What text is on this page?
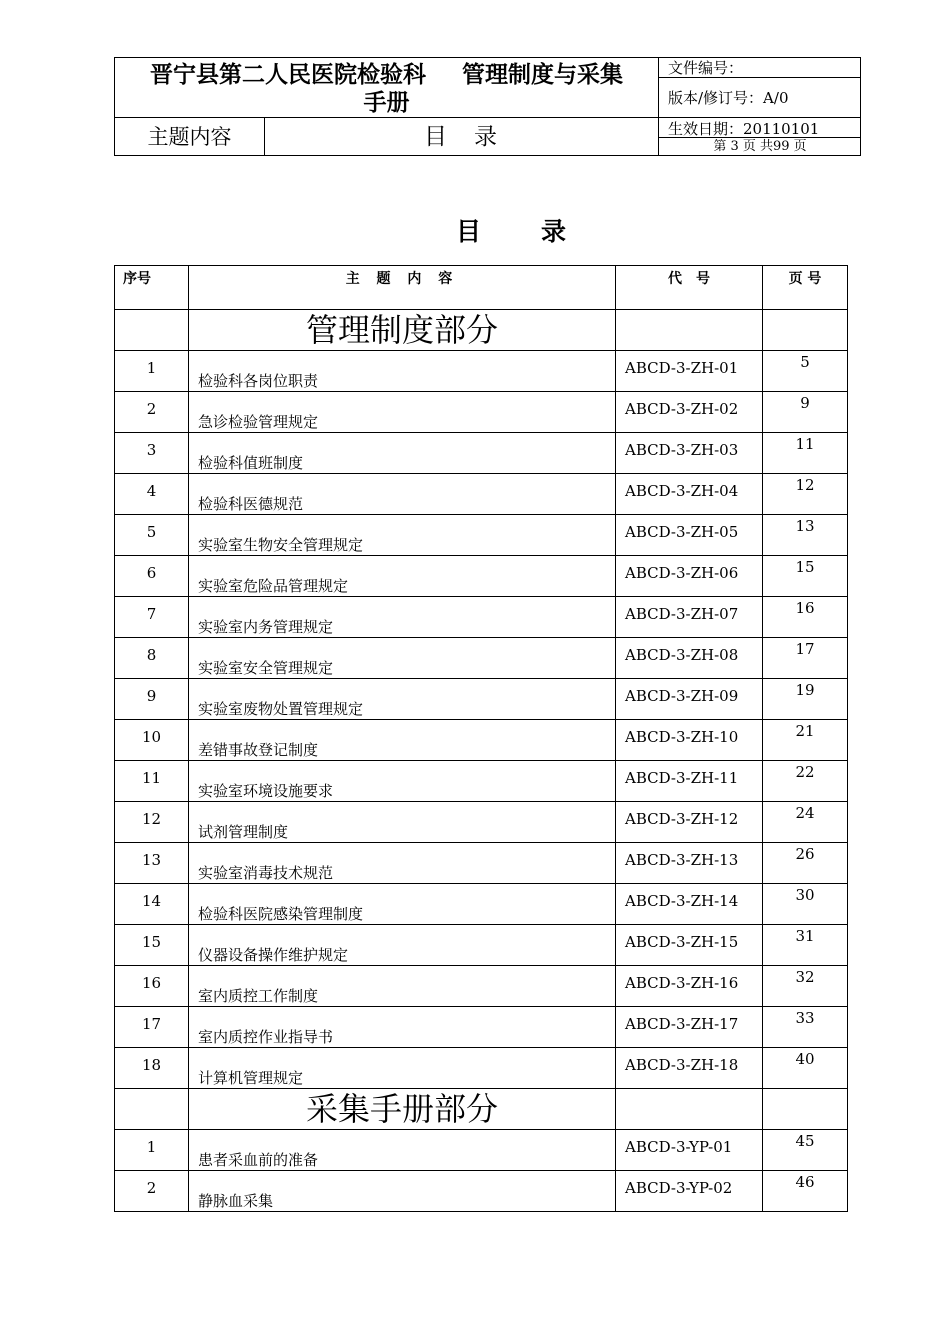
晋宁县第二人民医院检验科 管理制度与采集
手册
主题内容	目　录
文件编号：
版本/修订号：A/0
生效日期：20110101
第 3 页 共99 页
目 录
序号	主 题 内 容	代　号	页 号
	管理制度部分		
1	检验科各岗位职责	ABCD-3-ZH-01	5
2	急诊检验管理规定	ABCD-3-ZH-02	9
3	检验科值班制度	ABCD-3-ZH-03	11
4	检验科医德规范	ABCD-3-ZH-04	12
5	实验室生物安全管理规定	ABCD-3-ZH-05	13
6	实验室危险品管理规定	ABCD-3-ZH-06	15
7	实验室内务管理规定	ABCD-3-ZH-07	16
8	实验室安全管理规定	ABCD-3-ZH-08	17
9	实验室废物处置管理规定	ABCD-3-ZH-09	19
10	差错事故登记制度	ABCD-3-ZH-10	21
11	实验室环境设施要求	ABCD-3-ZH-11	22
12	试剂管理制度	ABCD-3-ZH-12	24
13	实验室消毒技术规范	ABCD-3-ZH-13	26
14	检验科医院感染管理制度	ABCD-3-ZH-14	30
15	仪器设备操作维护规定	ABCD-3-ZH-15	31
16	室内质控工作制度	ABCD-3-ZH-16	32
17	室内质控作业指导书	ABCD-3-ZH-17	33
18	计算机管理规定	ABCD-3-ZH-18	40
	采集手册部分		
1	患者采血前的准备	ABCD-3-YP-01	45
2	静脉血采集	ABCD-3-YP-02	46
